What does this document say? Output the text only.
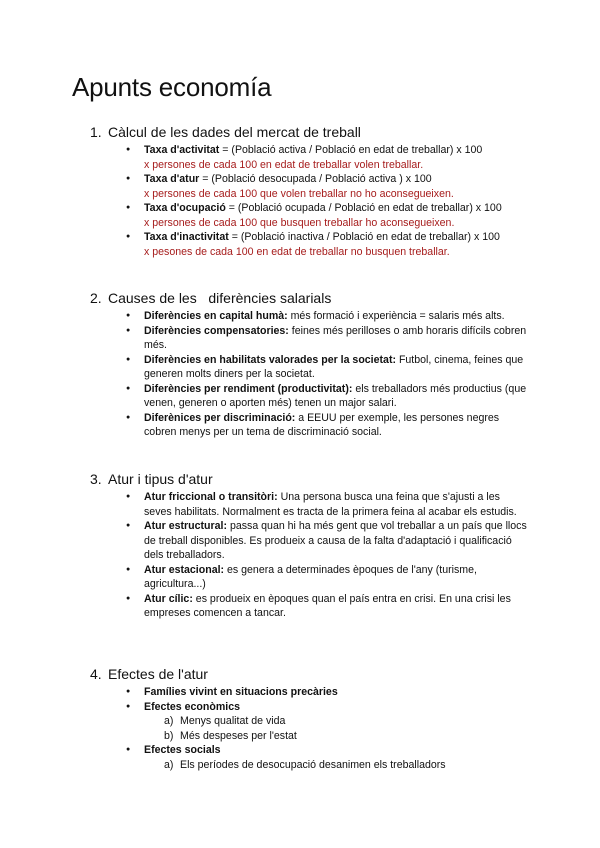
Apunts economía
1. Càlcul de les dades del mercat de treball
● Taxa d'activitat = (Població activa / Població en edat de treballar) x 100
x persones de cada 100 en edat de treballar volen treballar.
● Taxa d'atur = (Població desocupada / Població activa ) x 100
x persones de cada 100 que volen treballar no ho aconsegueixen.
● Taxa d'ocupació = (Població ocupada / Població en edat de treballar) x 100
x persones de cada 100 que busquen treballar ho aconsegueixen.
● Taxa d'inactivitat = (Població inactiva / Població en edat de treballar) x 100
x pesones de cada 100 en edat de treballar no busquen treballar.
2. Causes de les   diferències salarials
● Diferències en capital humà: més formació i experiència = salaris més alts.
● Diferències compensatories: feines més perilloses o amb horaris difícils cobren més.
● Diferències en habilitats valorades per la societat: Futbol, cinema, feines que generen molts diners per la societat.
● Diferències per rendiment (productivitat): els treballadors més productius (que venen, generen o aporten més) tenen un major salari.
● Diferènices per discriminació: a EEUU per exemple, les persones negres cobren menys per un tema de discriminació social.
3. Atur i tipus d'atur
● Atur friccional o transitòri: Una persona busca una feina que s'ajusti a les seves habilitats. Normalment es tracta de la primera feina al acabar els estudis.
● Atur estructural: passa quan hi ha més gent que vol treballar a un país que llocs de treball disponibles. Es produeix a causa de la falta d'adaptació i qualificació dels treballadors.
● Atur estacional: es genera a determinades èpoques de l'any (turisme, agricultura...)
● Atur cílic: es produeix en èpoques quan el país entra en crisi. En una crisi les empreses comencen a tancar.
4. Efectes de l'atur
● Famílies vivint en situacions precàries
● Efectes econòmics
a) Menys qualitat de vida
b) Més despeses per l'estat
● Efectes socials
a) Els períodes de desocupació desanimen els treballadors
